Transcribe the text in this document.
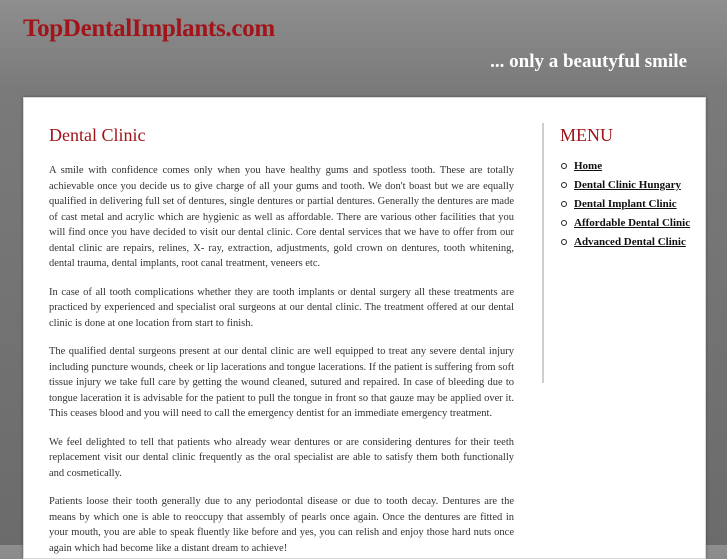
TopDentalImplants.com
... only a beautyful smile
Dental Clinic

A smile with confidence comes only when you have healthy gums and spotless tooth. These are totally achievable once you decide us to give charge of all your gums and tooth. We don't boast but we are equally qualified in delivering full set of dentures, single dentures or partial dentures. Generally the dentures are made of cast metal and acrylic which are hygienic as well as affordable. There are various other facilities that you will find once you have decided to visit our dental clinic. Core dental services that we have to offer from our dental clinic are repairs, relines, X- ray, extraction, adjustments, gold crown on dentures, tooth whitening, dental trauma, dental implants, root canal treatment, veneers etc.

In case of all tooth complications whether they are tooth implants or dental surgery all these treatments are practiced by experienced and specialist oral surgeons at our dental clinic. The treatment offered at our dental clinic is done at one location from start to finish.

The qualified dental surgeons present at our dental clinic are well equipped to treat any severe dental injury including puncture wounds, cheek or lip lacerations and tongue lacerations. If the patient is suffering from soft tissue injury we take full care by getting the wound cleaned, sutured and repaired. In case of bleeding due to tongue laceration it is advisable for the patient to pull the tongue in front so that gauze may be applied over it. This ceases blood and you will need to call the emergency dentist for an immediate emergency treatment.

We feel delighted to tell that patients who already wear dentures or are considering dentures for their teeth replacement visit our dental clinic frequently as the oral specialist are able to satisfy them both functionally and cosmetically.

Patients loose their tooth generally due to any periodontal disease or due to tooth decay. Dentures are the means by which one is able to reoccupy that assembly of pearls once again. Once the dentures are fitted in your mouth, you are able to speak fluently like before and yes, you can relish and enjoy those hard nuts once again which had become like a distant dream to achieve!

MENU
Home
Dental Clinic Hungary
Dental Implant Clinic
Affordable Dental Clinic
Advanced Dental Clinic
